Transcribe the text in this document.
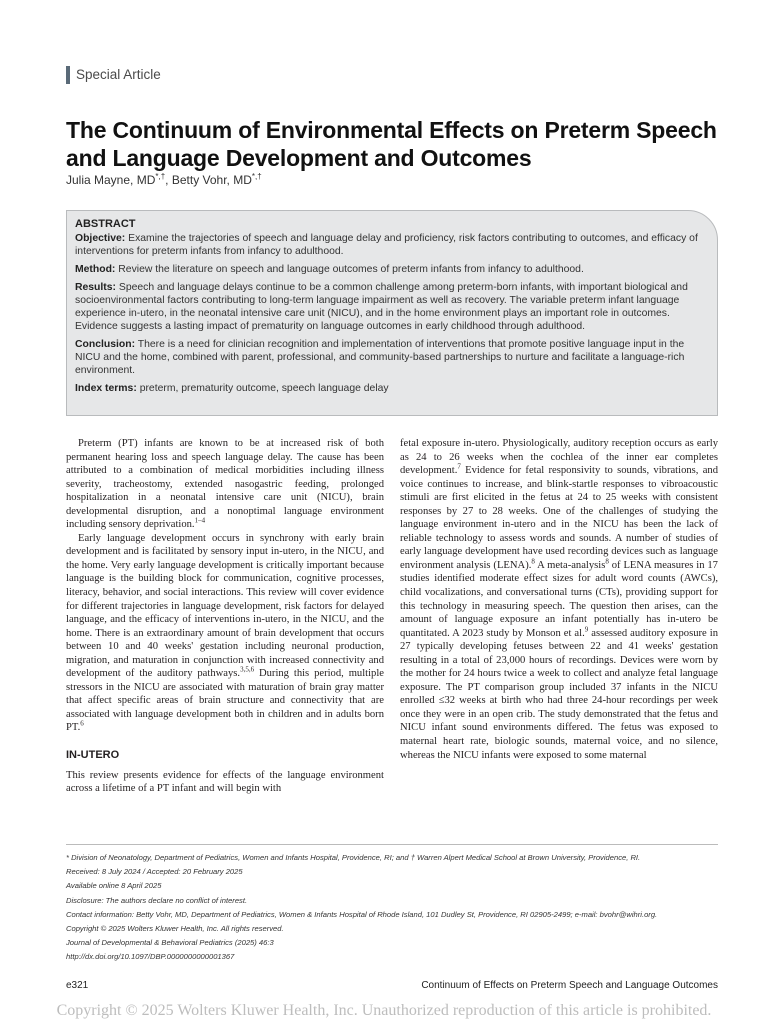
Special Article
The Continuum of Environmental Effects on Preterm Speech and Language Development and Outcomes
Julia Mayne, MD*,†, Betty Vohr, MD*,†
ABSTRACT

Objective: Examine the trajectories of speech and language delay and proficiency, risk factors contributing to outcomes, and efficacy of interventions for preterm infants from infancy to adulthood.

Method: Review the literature on speech and language outcomes of preterm infants from infancy to adulthood.

Results: Speech and language delays continue to be a common challenge among preterm-born infants, with important biological and socioenvironmental factors contributing to long-term language impairment as well as recovery. The variable preterm infant language experience in-utero, in the neonatal intensive care unit (NICU), and in the home environment plays an important role in outcomes. Evidence suggests a lasting impact of prematurity on language outcomes in early childhood through adulthood.

Conclusion: There is a need for clinician recognition and implementation of interventions that promote positive language input in the NICU and the home, combined with parent, professional, and community-based partnerships to nurture and facilitate a language-rich environment.

Index terms: preterm, prematurity outcome, speech language delay

Preterm (PT) infants are known to be at increased risk of both permanent hearing loss and speech language delay. The cause has been attributed to a combination of medical morbidities including illness severity, tracheostomy, extended nasogastric feeding, prolonged hospitalization in a neonatal intensive care unit (NICU), brain developmental disruption, and a nonoptimal language environment including sensory deprivation.$^{1-4}$

Early language development occurs in synchrony with early brain development and is facilitated by sensory input in-utero, in the NICU, and the home. Very early language development is critically important because language is the building block for communication, cognitive processes, literacy, behavior, and social interactions. This review will cover evidence for different trajectories in language development, risk factors for delayed language, and the efficacy of interventions in-utero, in the NICU, and the home. There is an extraordinary amount of brain development that occurs between 10 and 40 weeks' gestation including neuronal production, migration, and maturation in conjunction with increased connectivity and development of the auditory pathways.$^{3,5,6}$ During this period, multiple stressors in the NICU are associated with maturation of brain gray matter that affect specific areas of brain structure and connectivity that are associated with language development both in children and in adults born PT.$^6$

IN-UTERO

This review presents evidence for effects of the language environment across a lifetime of a PT infant and will begin with

fetal exposure in-utero. Physiologically, auditory reception occurs as early as 24 to 26 weeks when the cochlea of the inner ear completes development.$^7$ Evidence for fetal responsivity to sounds, vibrations, and voice continues to increase, and blink-startle responses to vibroacoustic stimuli are first elicited in the fetus at 24 to 25 weeks with consistent responses by 27 to 28 weeks. One of the challenges of studying the language environment in-utero and in the NICU has been the lack of reliable technology to assess words and sounds. A number of studies of early language development have used recording devices such as language environment analysis (LENA).$^8$ A meta-analysis$^8$ of LENA measures in 17 studies identified moderate effect sizes for adult word counts (AWCs), child vocalizations, and conversational turns (CTs), providing support for this technology in measuring speech. The question then arises, can the amount of language exposure an infant potentially has in-utero be quantitated. A 2023 study by Monson et al.$^9$ assessed auditory exposure in 27 typically developing fetuses between 22 and 41 weeks' gestation resulting in a total of 23,000 hours of recordings. Devices were worn by the mother for 24 hours twice a week to collect and analyze fetal language exposure. The PT comparison group included 37 infants in the NICU enrolled ≤32 weeks at birth who had three 24-hour recordings per week once they were in an open crib. The study demonstrated that the fetus and NICU infant sound environments differed. The fetus was exposed to maternal heart rate, biologic sounds, maternal voice, and no silence, whereas the NICU infants were exposed to some maternal

* Division of Neonatology, Department of Pediatrics, Women and Infants Hospital, Providence, RI; and † Warren Alpert Medical School at Brown University, Providence, RI.
Received: 8 July 2024 / Accepted: 20 February 2025
Available online 8 April 2025
Disclosure: The authors declare no conflict of interest.
Contact information: Betty Vohr, MD, Department of Pediatrics, Women & Infants Hospital of Rhode Island, 101 Dudley St, Providence, RI 02905-2499; e-mail: bvohr@wihri.org.
Copyright © 2025 Wolters Kluwer Health, Inc. All rights reserved.
Journal of Developmental & Behavioral Pediatrics (2025) 46:3
http://dx.doi.org/10.1097/DBP.0000000000001367
e321	Continuum of Effects on Preterm Speech and Language Outcomes
Copyright © 2025 Wolters Kluwer Health, Inc. Unauthorized reproduction of this article is prohibited.
